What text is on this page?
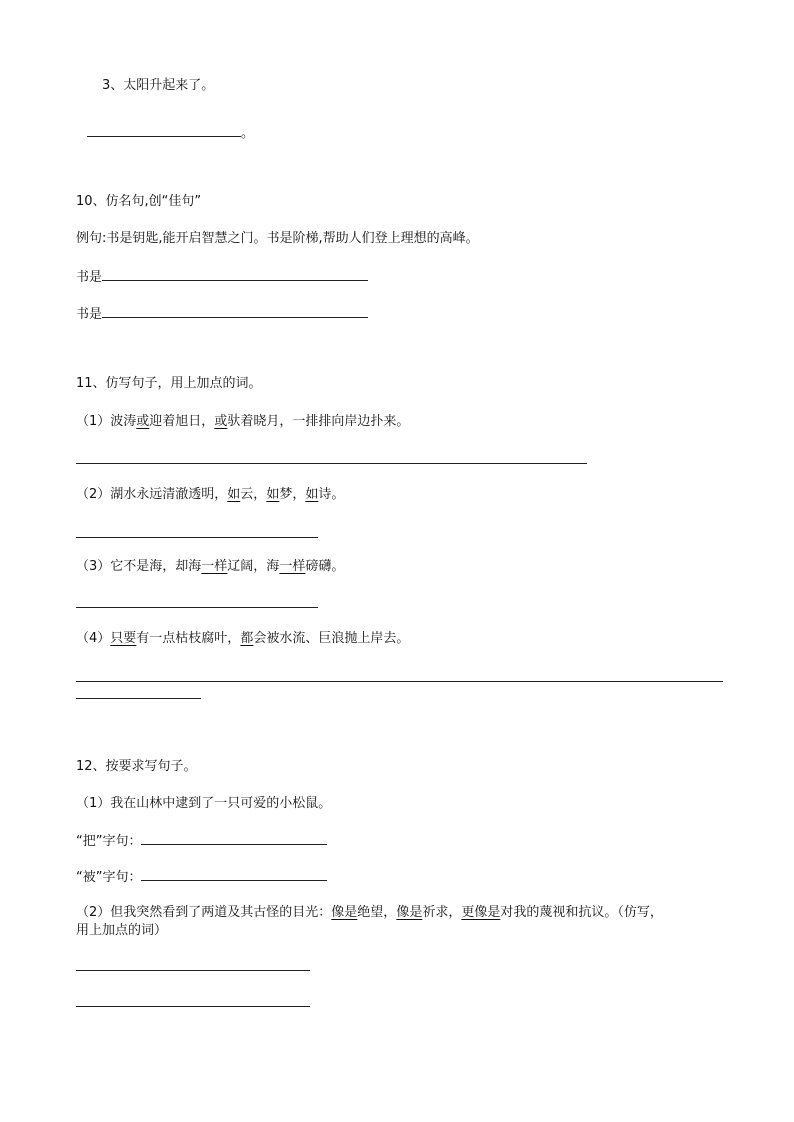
3、太阳升起来了。

。

10、仿名句,创“佳句”

例句:书是钥匙,能开启智慧之门。书是阶梯,帮助人们登上理想的高峰。

书是

书是

11、仿写句子，用上加点的词。

（1）波涛或迎着旭日，或驮着晓月，一排排向岸边扑来。

（2）湖水永远清澈透明，如云，如梦，如诗。

（3）它不是海，却海一样辽阔，海一样磅礴。

（4）只要有一点枯枝腐叶，都会被水流、巨浪抛上岸去。

12、按要求写句子。

（1）我在山林中逮到了一只可爱的小松鼠。

“把”字句：

“被”字句：

（2）但我突然看到了两道及其古怪的目光：像是绝望，像是祈求，更像是对我的蔑视和抗议。（仿写，

用上加点的词）
